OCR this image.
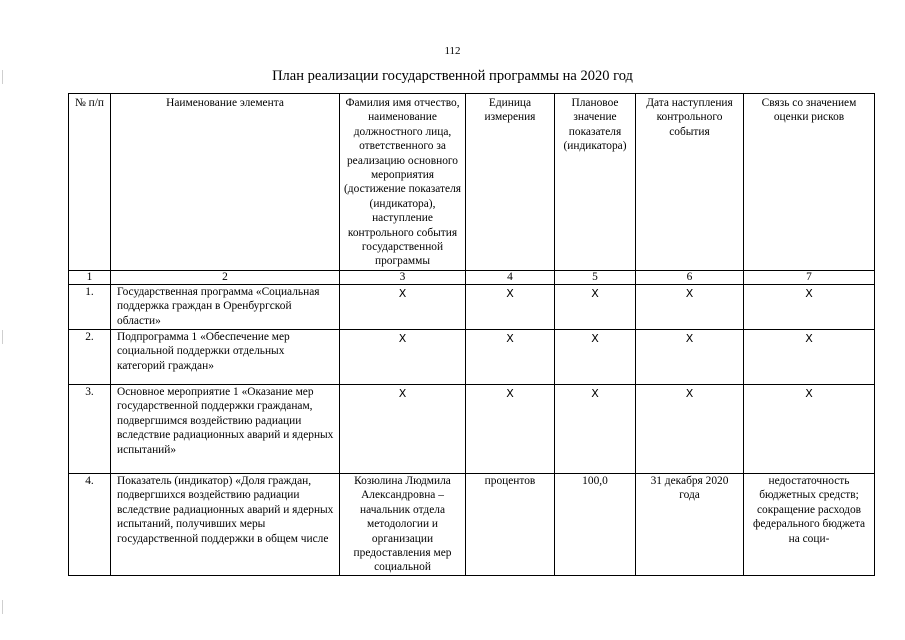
112
План реализации государственной программы на 2020 год
№ п/п	Наименование элемента	Фамилия имя отчество, наименование должностного лица, ответственного за реализацию основного мероприятия (достижение показателя (индикатора), наступление контрольного события государственной программы	Единица измерения	Плановое значение показателя (индикатора)	Дата наступления контрольного события	Связь со значением оценки рисков
1	2	3	4	5	6	7
1.	Государственная программа «Социальная поддержка граждан в Оренбургской области»	X	X	X	X	X
2.	Подпрограмма 1 «Обеспечение мер социальной поддержки отдельных категорий граждан»	X	X	X	X	X
3.	Основное мероприятие 1 «Оказание мер государственной поддержки гражданам, подвергшимся воздействию радиации вследствие радиационных аварий и ядерных испытаний»	X	X	X	X	X
4.	Показатель (индикатор) «Доля граждан, подвергшихся воздействию радиации вследствие радиационных аварий и ядерных испытаний, получивших меры государственной поддержки в общем числе	Козюлина Людмила Александровна – начальник отдела методологии и организации предоставления мер социальной	процентов	100,0	31 декабря 2020 года	недостаточность бюджетных средств; сокращение расходов федерального бюджета на соци-
